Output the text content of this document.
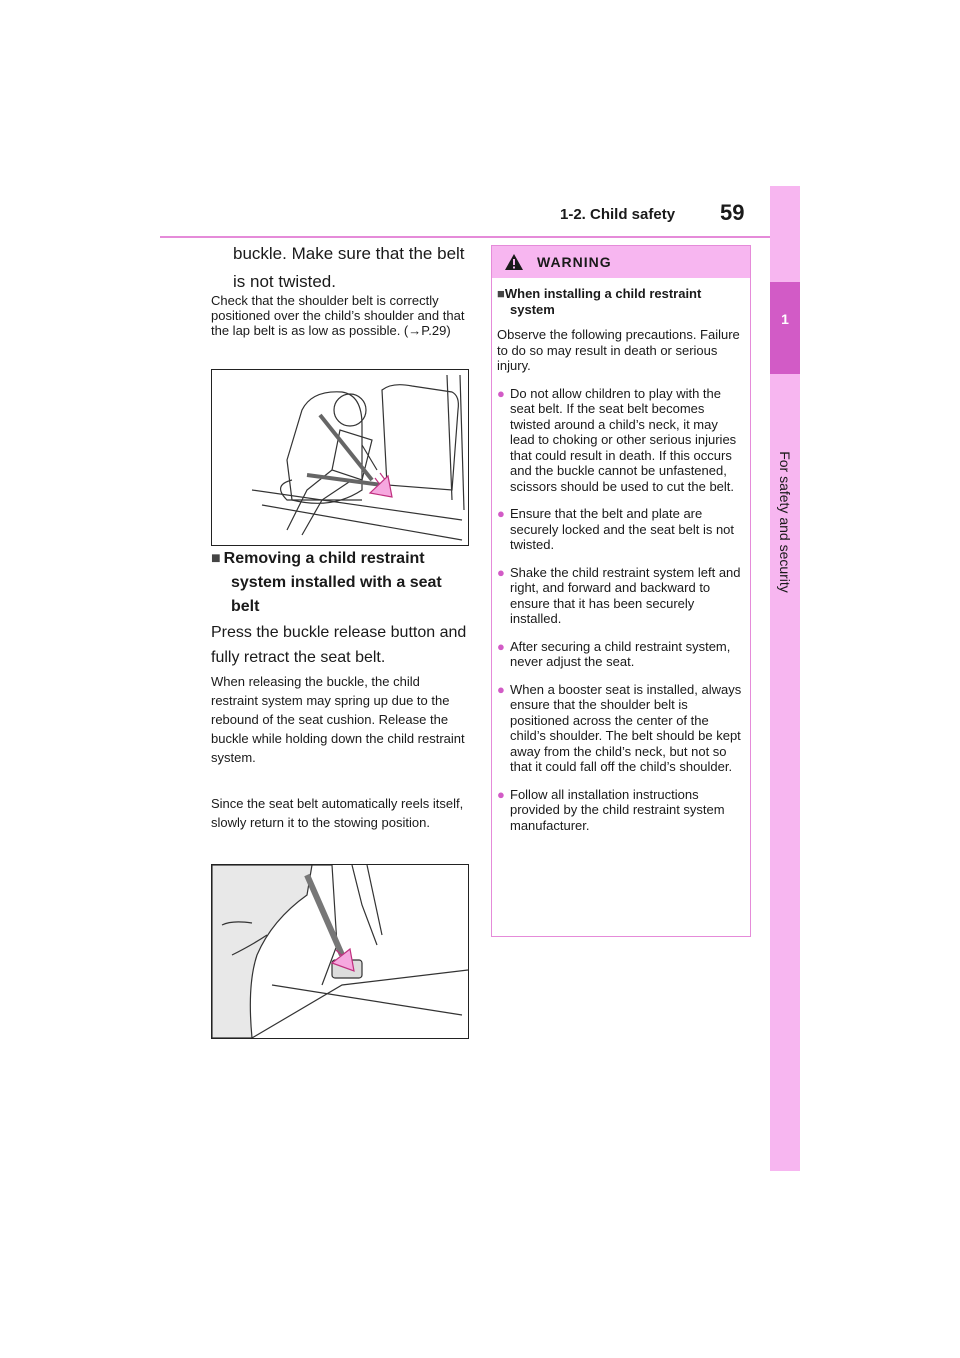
1-2. Child safety 59
1
For safety and security
buckle. Make sure that the belt is not twisted.
Check that the shoulder belt is correctly positioned over the child’s shoulder and that the lap belt is as low as possible. (→P.29)
■ Removing a child restraint
system installed with a seat
belt
Press the buckle release button and fully retract the seat belt.
When releasing the buckle, the child restraint system may spring up due to the rebound of the seat cushion. Release the buckle while holding down the child restraint system.
Since the seat belt automatically reels itself, slowly return it to the stowing position.
WARNING
■When installing a child restraint system
Observe the following precautions. Failure to do so may result in death or serious injury.
● Do not allow children to play with the seat belt. If the seat belt becomes twisted around a child’s neck, it may lead to choking or other serious injuries that could result in death. If this occurs and the buckle cannot be unfastened, scissors should be used to cut the belt.
● Ensure that the belt and plate are securely locked and the seat belt is not twisted.
● Shake the child restraint system left and right, and forward and backward to ensure that it has been securely installed.
● After securing a child restraint system, never adjust the seat.
● When a booster seat is installed, always ensure that the shoulder belt is positioned across the center of the child’s shoulder. The belt should be kept away from the child’s neck, but not so that it could fall off the child’s shoulder.
● Follow all installation instructions provided by the child restraint system manufacturer.
